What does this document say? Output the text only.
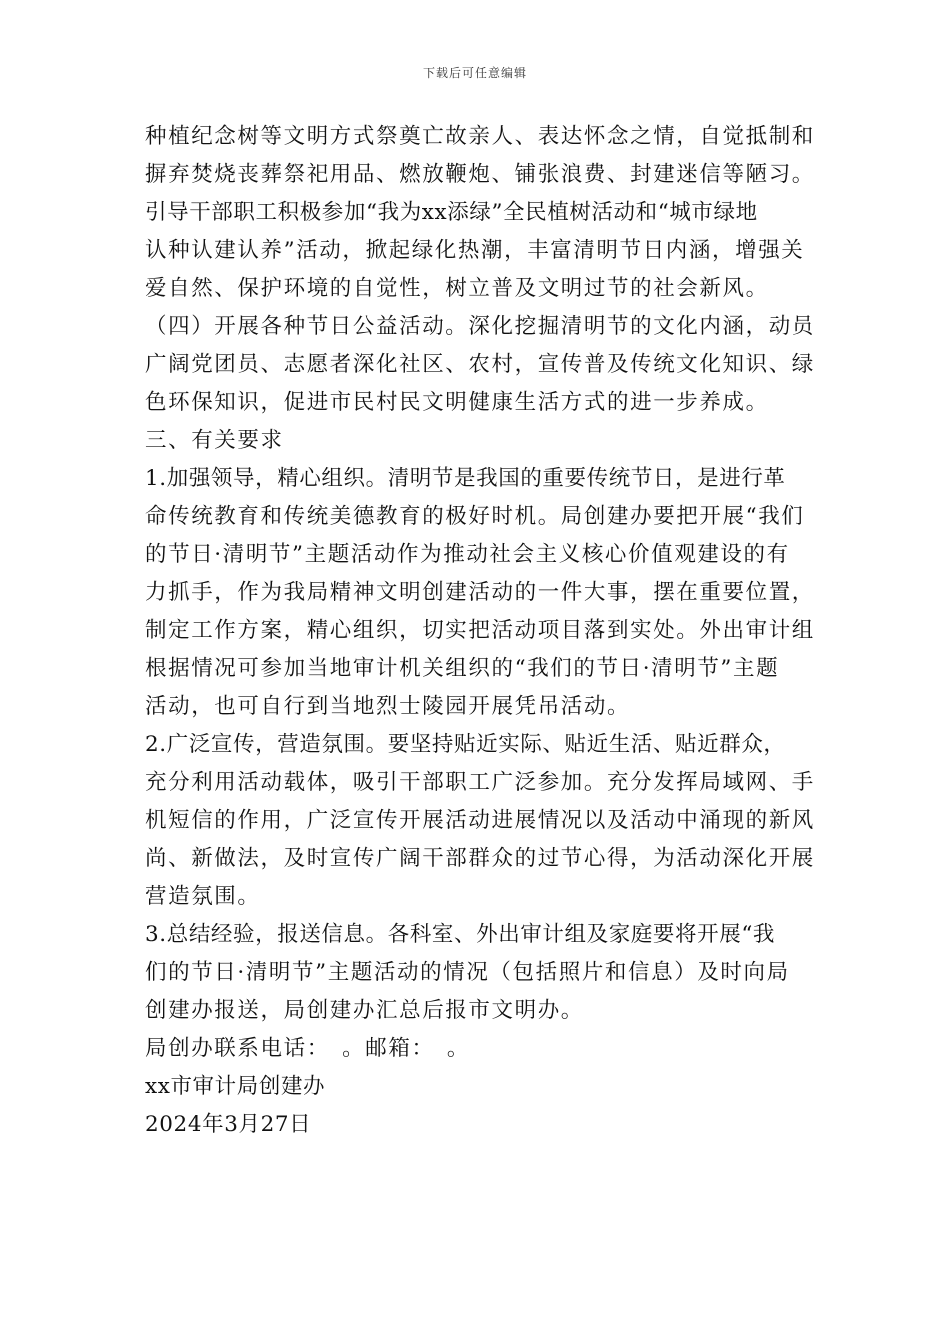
下载后可任意编辑
种植纪念树等文明方式祭奠亡故亲人、表达怀念之情，自觉抵制和
摒弃焚烧丧葬祭祀用品、燃放鞭炮、铺张浪费、封建迷信等陋习。
引导干部职工积极参加“我为xx添绿”全民植树活动和“城市绿地
认种认建认养”活动，掀起绿化热潮，丰富清明节日内涵，增强关
爱自然、保护环境的自觉性，树立普及文明过节的社会新风。
（四）开展各种节日公益活动。深化挖掘清明节的文化内涵，动员
广阔党团员、志愿者深化社区、农村，宣传普及传统文化知识、绿
色环保知识，促进市民村民文明健康生活方式的进一步养成。
三、有关要求
1.加强领导，精心组织。清明节是我国的重要传统节日，是进行革
命传统教育和传统美德教育的极好时机。局创建办要把开展“我们
的节日·清明节”主题活动作为推动社会主义核心价值观建设的有
力抓手，作为我局精神文明创建活动的一件大事，摆在重要位置，
制定工作方案，精心组织，切实把活动项目落到实处。外出审计组
根据情况可参加当地审计机关组织的“我们的节日·清明节”主题
活动，也可自行到当地烈士陵园开展凭吊活动。
2.广泛宣传，营造氛围。要坚持贴近实际、贴近生活、贴近群众，
充分利用活动载体，吸引干部职工广泛参加。充分发挥局域网、手
机短信的作用，广泛宣传开展活动进展情况以及活动中涌现的新风
尚、新做法，及时宣传广阔干部群众的过节心得，为活动深化开展
营造氛围。
3.总结经验，报送信息。各科室、外出审计组及家庭要将开展“我
们的节日·清明节”主题活动的情况（包括照片和信息）及时向局
创建办报送，局创建办汇总后报市文明办。
局创办联系电话：　。邮箱：　。
xx市审计局创建办
2024年3月27日
